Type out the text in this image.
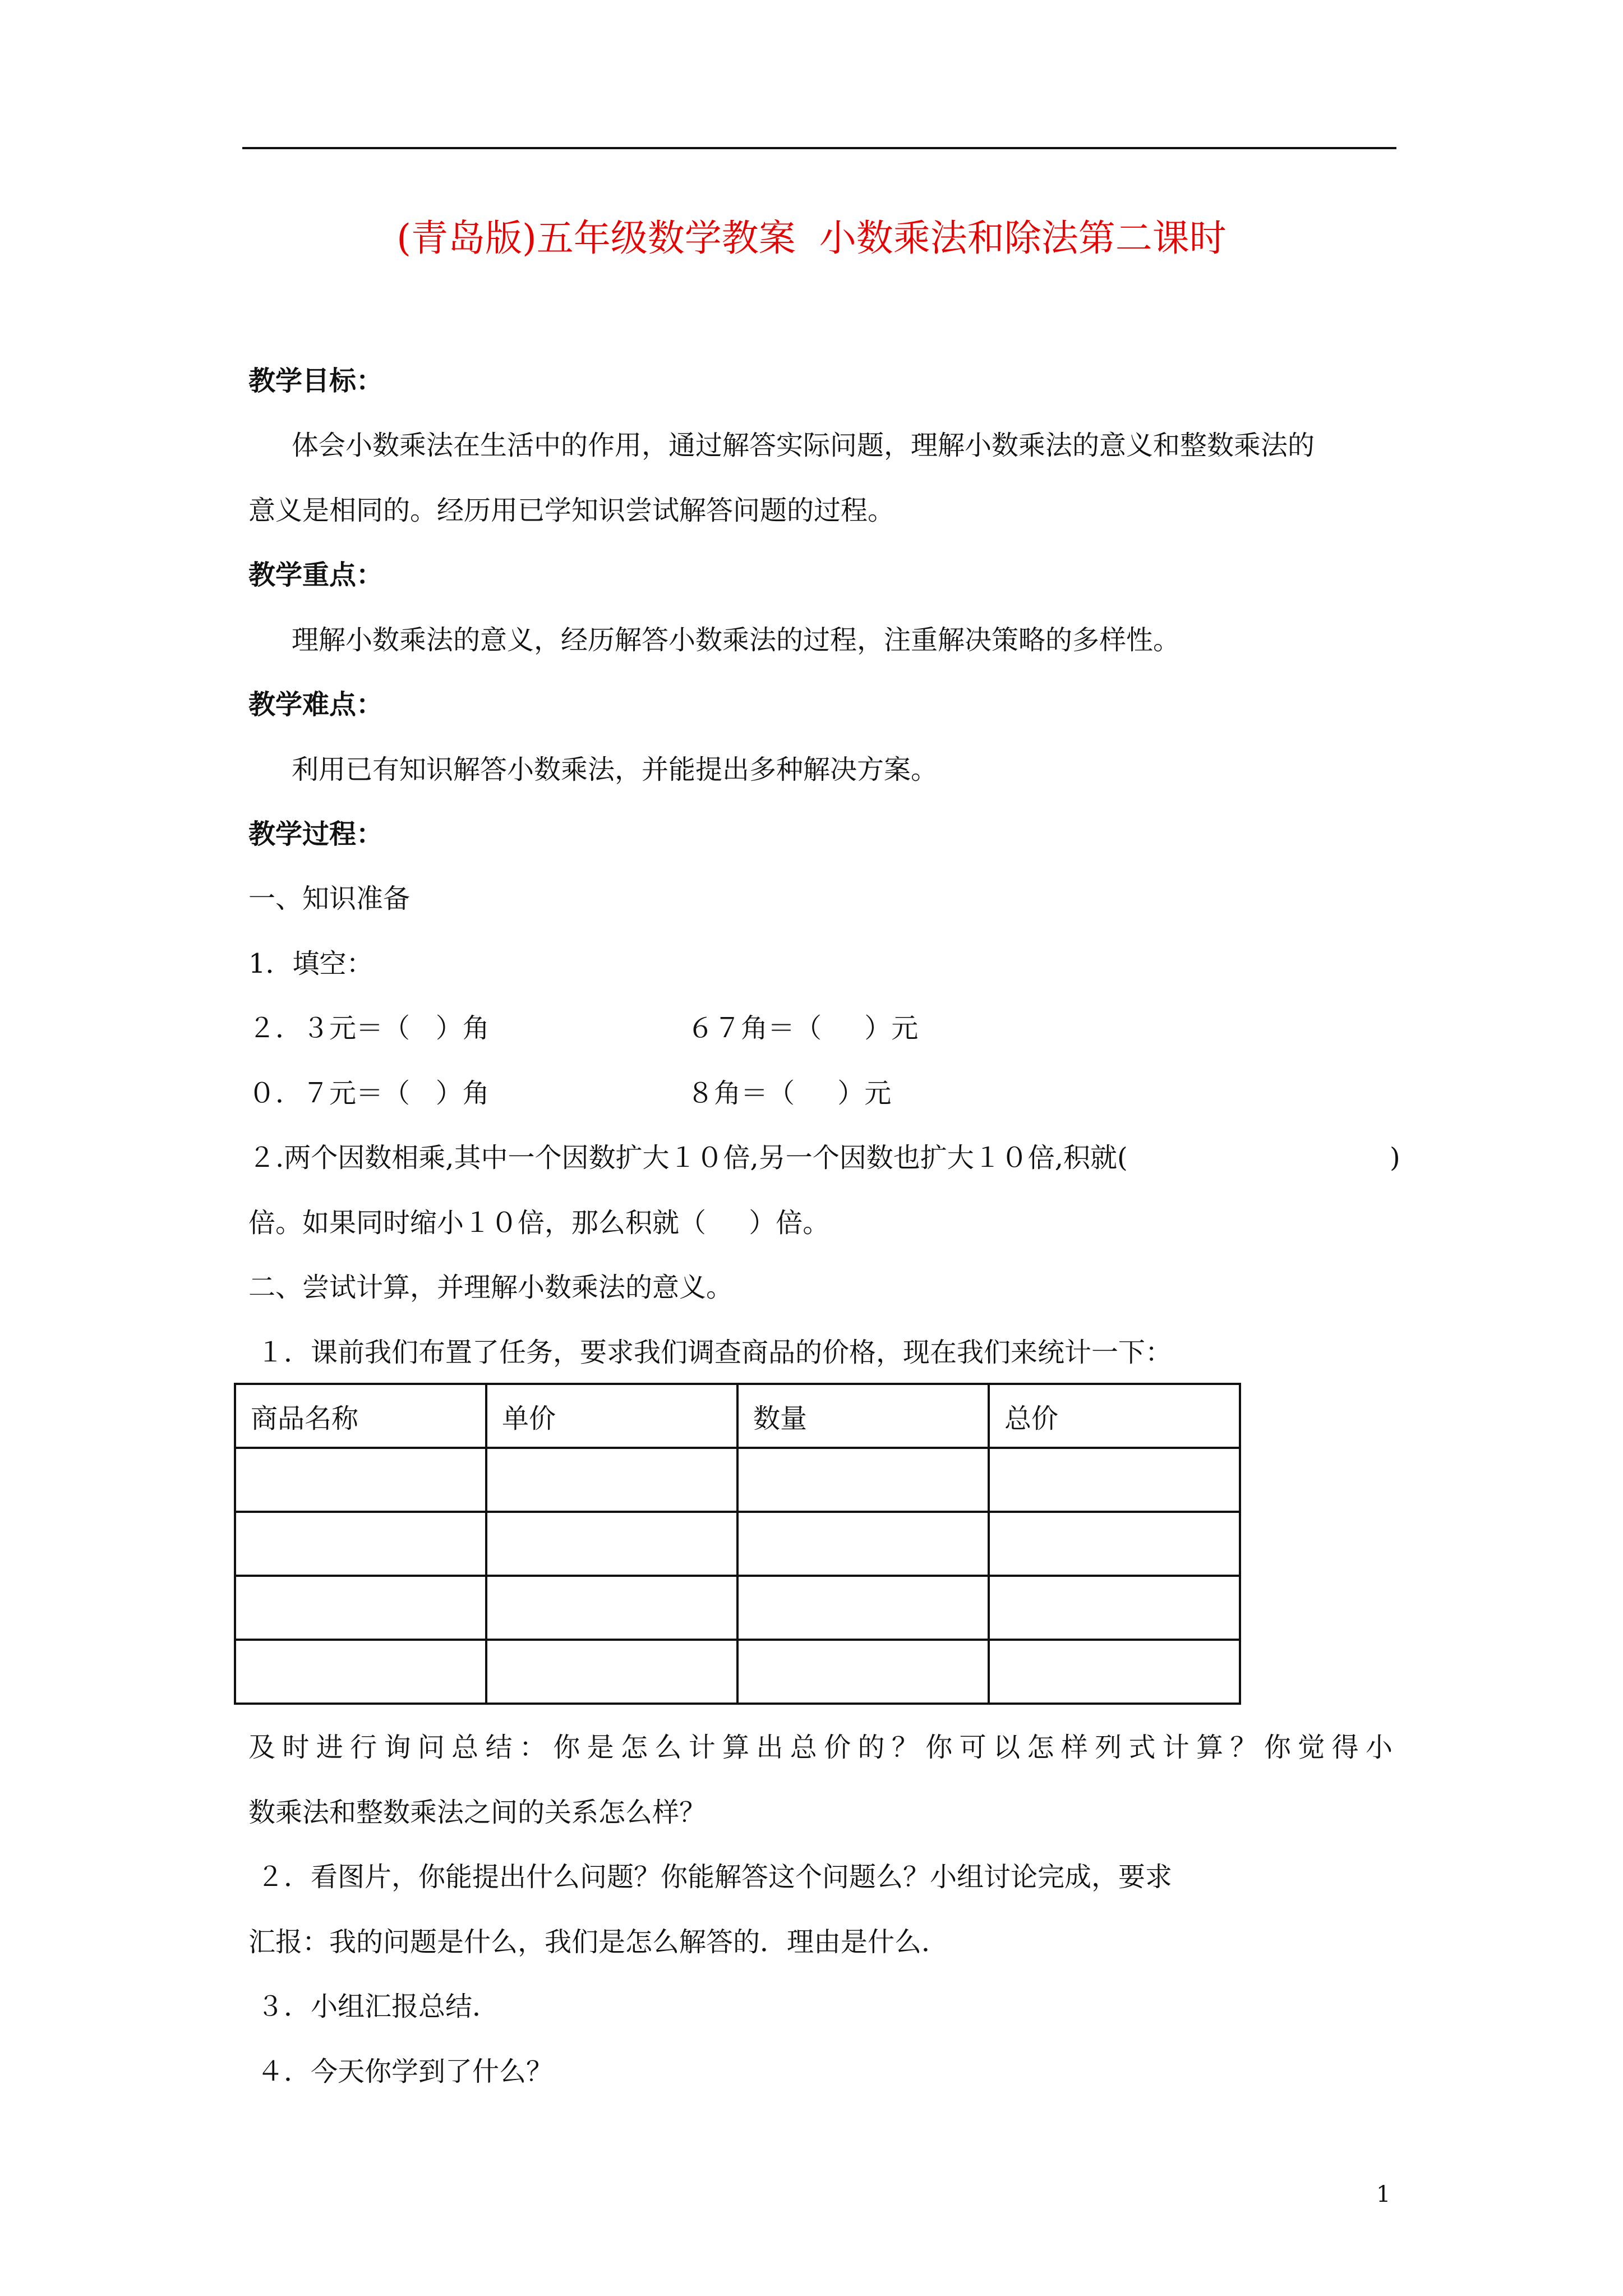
(青岛版)五年级数学教案  小数乘法和除法第二课时
教学目标：
体会小数乘法在生活中的作用，通过解答实际问题，理解小数乘法的意义和整数乘法的
意义是相同的。经历用已学知识尝试解答问题的过程。
教学重点：
理解小数乘法的意义，经历解答小数乘法的过程，注重解决策略的多样性。
教学难点：
利用已有知识解答小数乘法，并能提出多种解决方案。
教学过程：
一、知识准备
1．填空：
２．３元＝（   ）角	６７角＝（     ）元
０．７元＝（   ）角	８角＝（     ）元
２.两个因数相乘,其中一个因数扩大１０倍,另一个因数也扩大１０倍,积就(	)
倍。如果同时缩小１０倍，那么积就（     ）倍。
二、尝试计算，并理解小数乘法的意义。
１．课前我们布置了任务，要求我们调查商品的价格，现在我们来统计一下：
商品名称	单价	数量	总价

及时进行询问总结：你是怎么计算出总价的？你可以怎样列式计算？你觉得小
数乘法和整数乘法之间的关系怎么样？
２．看图片，你能提出什么问题？你能解答这个问题么？小组讨论完成，要求
汇报：我的问题是什么，我们是怎么解答的．理由是什么．
３．小组汇报总结．
４．今天你学到了什么？
1
